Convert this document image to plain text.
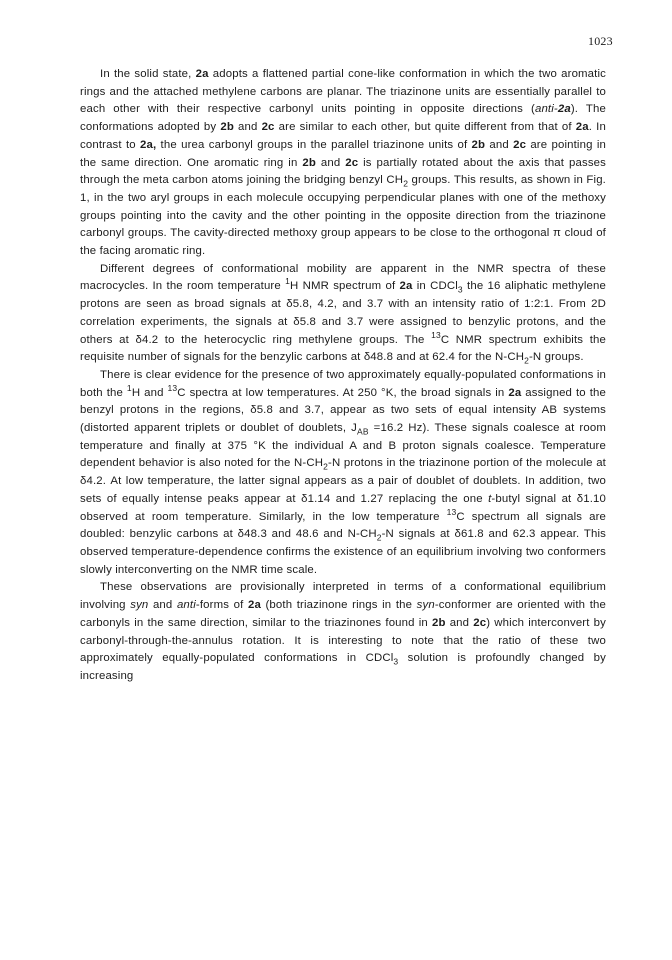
1023

In the solid state, 2a adopts a flattened partial cone-like conformation in which the two aromatic rings and the attached methylene carbons are planar. The triazinone units are essentially parallel to each other with their respective carbonyl units pointing in opposite directions (anti-2a). The conformations adopted by 2b and 2c are similar to each other, but quite different from that of 2a. In contrast to 2a, the urea carbonyl groups in the parallel triazinone units of 2b and 2c are pointing in the same direction. One aromatic ring in 2b and 2c is partially rotated about the axis that passes through the meta carbon atoms joining the bridging benzyl $CH_2$ groups. This results, as shown in Fig. 1, in the two aryl groups in each molecule occupying perpendicular planes with one of the methoxy groups pointing into the cavity and the other pointing in the opposite direction from the triazinone carbonyl groups. The cavity-directed methoxy group appears to be close to the orthogonal π cloud of the facing aromatic ring.

Different degrees of conformational mobility are apparent in the NMR spectra of these macrocycles. In the room temperature $^1$H NMR spectrum of 2a in CDCl$_3$ the 16 aliphatic methylene protons are seen as broad signals at δ5.8, 4.2, and 3.7 with an intensity ratio of 1:2:1. From 2D correlation experiments, the signals at δ5.8 and 3.7 were assigned to benzylic protons, and the others at δ4.2 to the heterocyclic ring methylene groups. The $^{13}$C NMR spectrum exhibits the requisite number of signals for the benzylic carbons at δ48.8 and at 62.4 for the $N-CH_2-N$ groups.

There is clear evidence for the presence of two approximately equally-populated conformations in both the $^1$H and $^{13}$C spectra at low temperatures. At 250 °K, the broad signals in 2a assigned to the benzyl protons in the regions, δ5.8 and 3.7, appear as two sets of equal intensity AB systems (distorted apparent triplets or doublet of doublets, $J_{AB} =16.2$ Hz). These signals coalesce at room temperature and finally at 375 °K the individual A and B proton signals coalesce. Temperature dependent behavior is also noted for the $N-CH_2-N$ protons in the triazinone portion of the molecule at δ4.2. At low temperature, the latter signal appears as a pair of doublet of doublets. In addition, two sets of equally intense peaks appear at δ1.14 and 1.27 replacing the one t-butyl signal at δ1.10 observed at room temperature. Similarly, in the low temperature $^{13}$C spectrum all signals are doubled: benzylic carbons at δ48.3 and 48.6 and $N-CH_2-N$ signals at δ61.8 and 62.3 appear. This observed temperature-dependence confirms the existence of an equilibrium involving two conformers slowly interconverting on the NMR time scale.

These observations are provisionally interpreted in terms of a conformational equilibrium involving syn and anti-forms of 2a (both triazinone rings in the syn-conformer are oriented with the carbonyls in the same direction, similar to the triazinones found in 2b and 2c) which interconvert by carbonyl-through-the-annulus rotation. It is interesting to note that the ratio of these two approximately equally-populated conformations in CDCl$_3$ solution is profoundly changed by increasing
